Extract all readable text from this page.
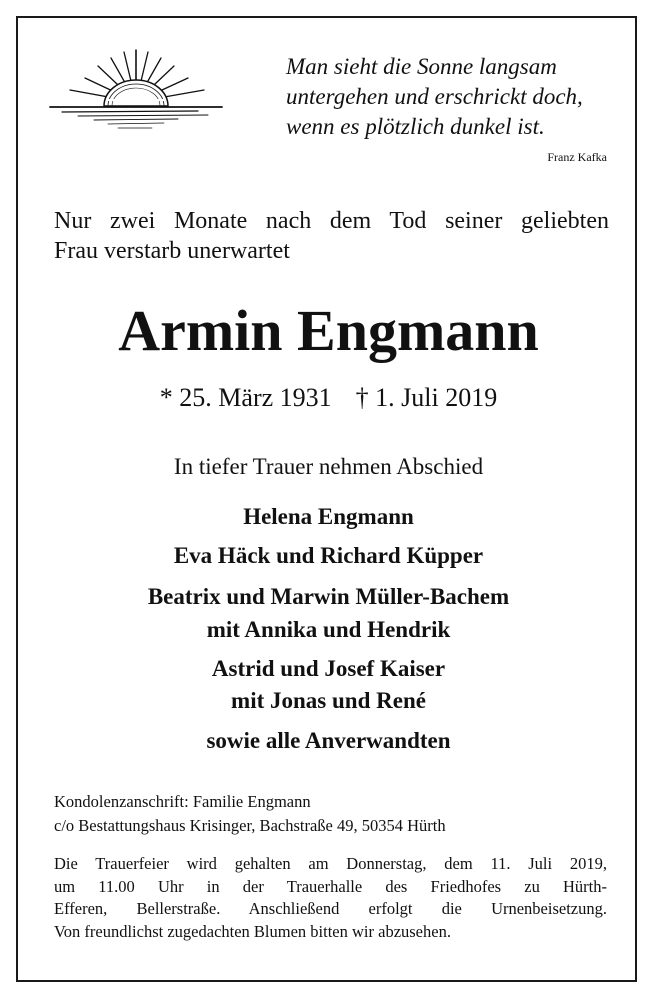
Man sieht die Sonne langsam
untergehen und erschrickt doch,
wenn es plötzlich dunkel ist.
Franz Kafka
Nur zwei Monate nach dem Tod seiner geliebten
Frau verstarb unerwartet
Armin Engmann
* 25. März 1931 † 1. Juli 2019
In tiefer Trauer nehmen Abschied
Helena Engmann
Eva Häck und Richard Küpper
Beatrix und Marwin Müller-Bachem
mit Annika und Hendrik
Astrid und Josef Kaiser
mit Jonas und René
sowie alle Anverwandten
Kondolenzanschrift: Familie Engmann
c/o Bestattungshaus Krisinger, Bachstraße 49, 50354 Hürth
Die Trauerfeier wird gehalten am Donnerstag, dem 11. Juli 2019,
um 11.00 Uhr in der Trauerhalle des Friedhofes zu Hürth-
Efferen, Bellerstraße. Anschließend erfolgt die Urnenbeisetzung.
Von freundlichst zugedachten Blumen bitten wir abzusehen.
